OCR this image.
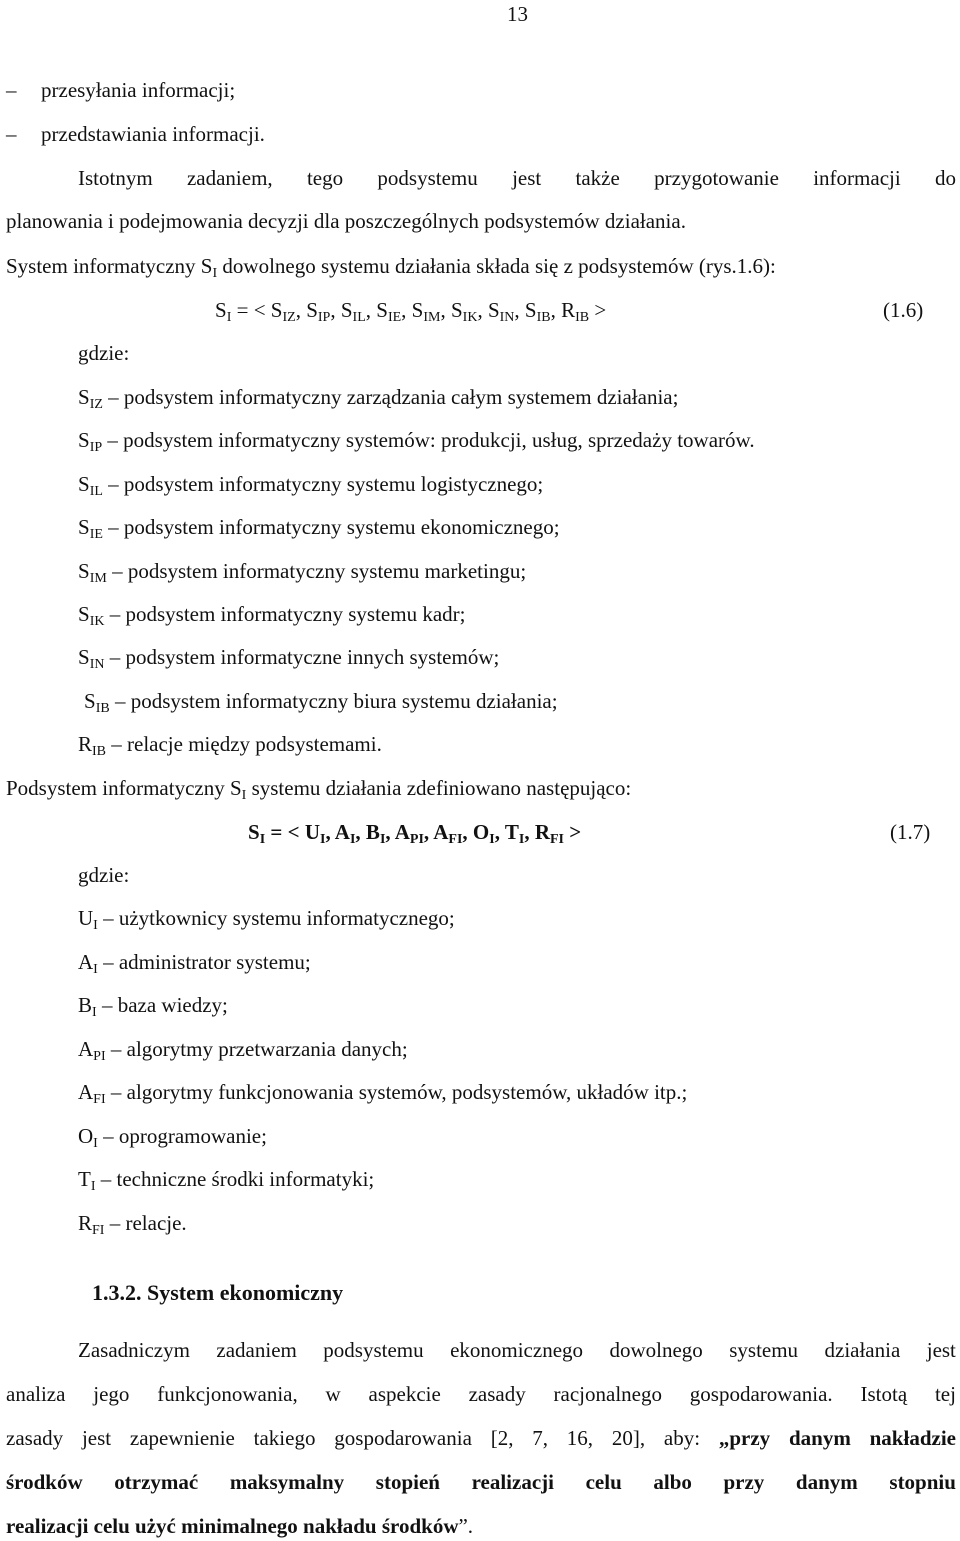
13
– przesyłania informacji;
– przedstawiania informacji.
Istotnym zadaniem, tego podsystemu jest także przygotowanie informacji do
planowania i podejmowania decyzji dla poszczególnych podsystemów działania.
System informatyczny $S_I$ dowolnego systemu działania składa się z podsystemów (rys.1.6):
$S_I$ = < $S_{IZ}$, $S_{IP}$, $S_{IL}$, $S_{IE}$, $S_{IM}$, $S_{IK}$, $S_{IN}$, $S_{IB}$, $R_{IB}$ >	(1.6)
gdzie:
$S_{IZ}$ – podsystem informatyczny zarządzania całym systemem działania;
$S_{IP}$ – podsystem informatyczny systemów: produkcji, usług, sprzedaży towarów.
$S_{IL}$ – podsystem informatyczny systemu logistycznego;
$S_{IE}$ – podsystem informatyczny systemu ekonomicznego;
$S_{IM}$ – podsystem informatyczny systemu marketingu;
$S_{IK}$ – podsystem informatyczny systemu kadr;
$S_{IN}$ – podsystem informatyczne innych systemów;
$S_{IB}$ – podsystem informatyczny biura systemu działania;
$R_{IB}$ – relacje między podsystemami.
Podsystem informatyczny $S_I$ systemu działania zdefiniowano następująco:
$S_I$ = < $U_I$, $A_I$, $B_I$, $A_{PI}$, $A_{FI}$, $O_I$, $T_I$, $R_{FI}$ >	(1.7)
gdzie:
$U_I$ – użytkownicy systemu informatycznego;
$A_I$ – administrator systemu;
$B_I$ – baza wiedzy;
$A_{PI}$ – algorytmy przetwarzania danych;
$A_{FI}$ – algorytmy funkcjonowania systemów, podsystemów, układów itp.;
$O_I$ – oprogramowanie;
$T_I$ – techniczne środki informatyki;
$R_{FI}$ – relacje.
1.3.2. System ekonomiczny
Zasadniczym zadaniem podsystemu ekonomicznego dowolnego systemu działania jest
analiza jego funkcjonowania, w aspekcie zasady racjonalnego gospodarowania. Istotą tej
zasady jest zapewnienie takiego gospodarowania [2, 7, 16, 20], aby: „przy danym nakładzie
środków otrzymać maksymalny stopień realizacji celu albo przy danym stopniu
realizacji celu użyć minimalnego nakładu środków”.
